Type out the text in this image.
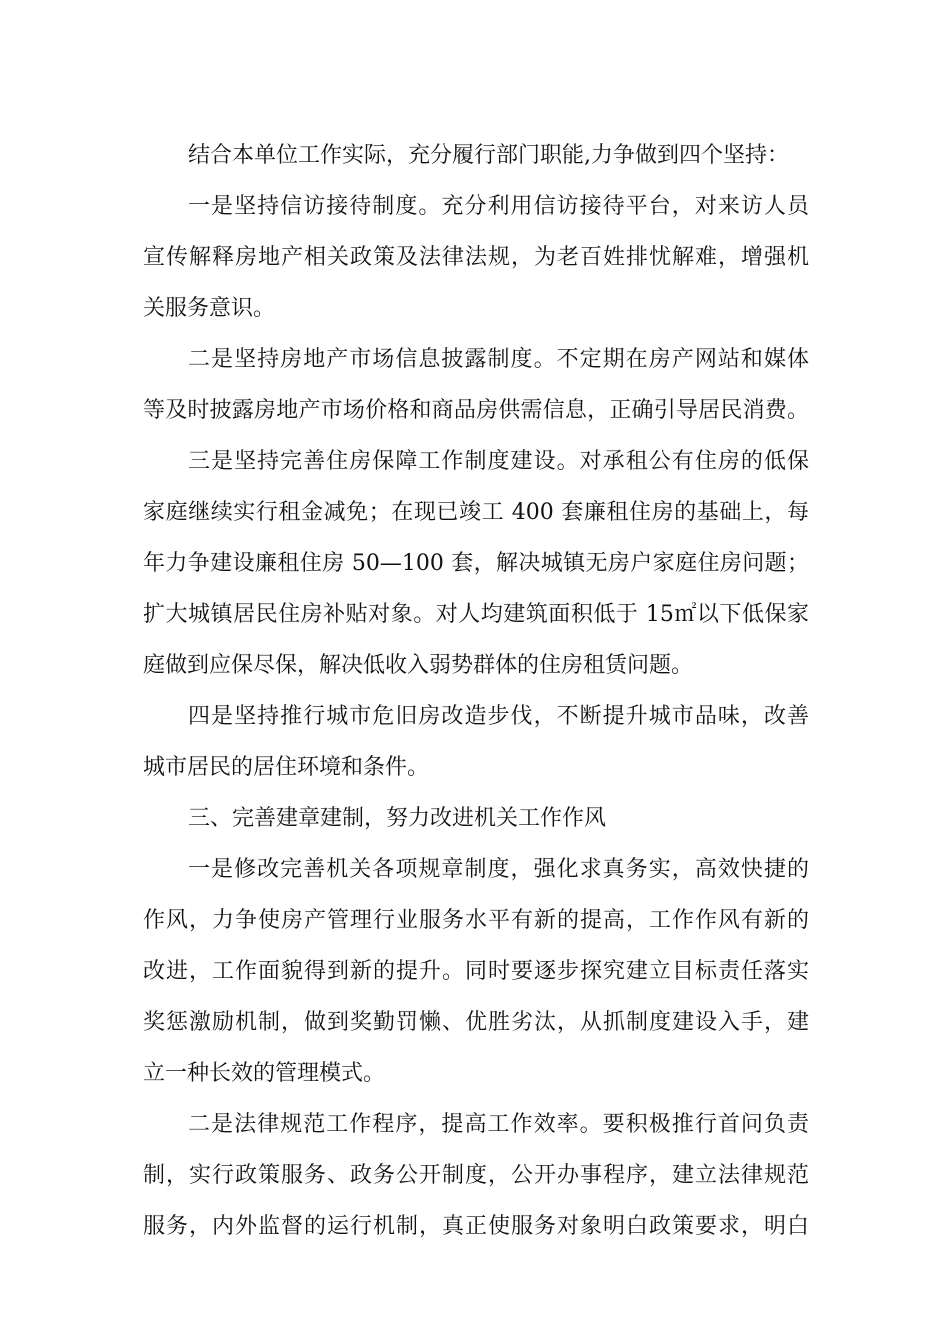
结合本单位工作实际，充分履行部门职能,力争做到四个坚持：
一是坚持信访接待制度。充分利用信访接待平台，对来访人员
宣传解释房地产相关政策及法律法规，为老百姓排忧解难，增强机
关服务意识。
二是坚持房地产市场信息披露制度。不定期在房产网站和媒体
等及时披露房地产市场价格和商品房供需信息，正确引导居民消费。
三是坚持完善住房保障工作制度建设。对承租公有住房的低保
家庭继续实行租金减免；在现已竣工 400 套廉租住房的基础上，每
年力争建设廉租住房 50—100 套，解决城镇无房户家庭住房问题；
扩大城镇居民住房补贴对象。对人均建筑面积低于 15㎡以下低保家
庭做到应保尽保，解决低收入弱势群体的住房租赁问题。
四是坚持推行城市危旧房改造步伐，不断提升城市品味，改善
城市居民的居住环境和条件。
三、完善建章建制，努力改进机关工作作风
一是修改完善机关各项规章制度，强化求真务实，高效快捷的
作风，力争使房产管理行业服务水平有新的提高，工作作风有新的
改进，工作面貌得到新的提升。同时要逐步探究建立目标责任落实
奖惩激励机制，做到奖勤罚懒、优胜劣汰，从抓制度建设入手，建
立一种长效的管理模式。
二是法律规范工作程序，提高工作效率。要积极推行首问负责
制，实行政策服务、政务公开制度，公开办事程序，建立法律规范
服务，内外监督的运行机制，真正使服务对象明白政策要求，明白
